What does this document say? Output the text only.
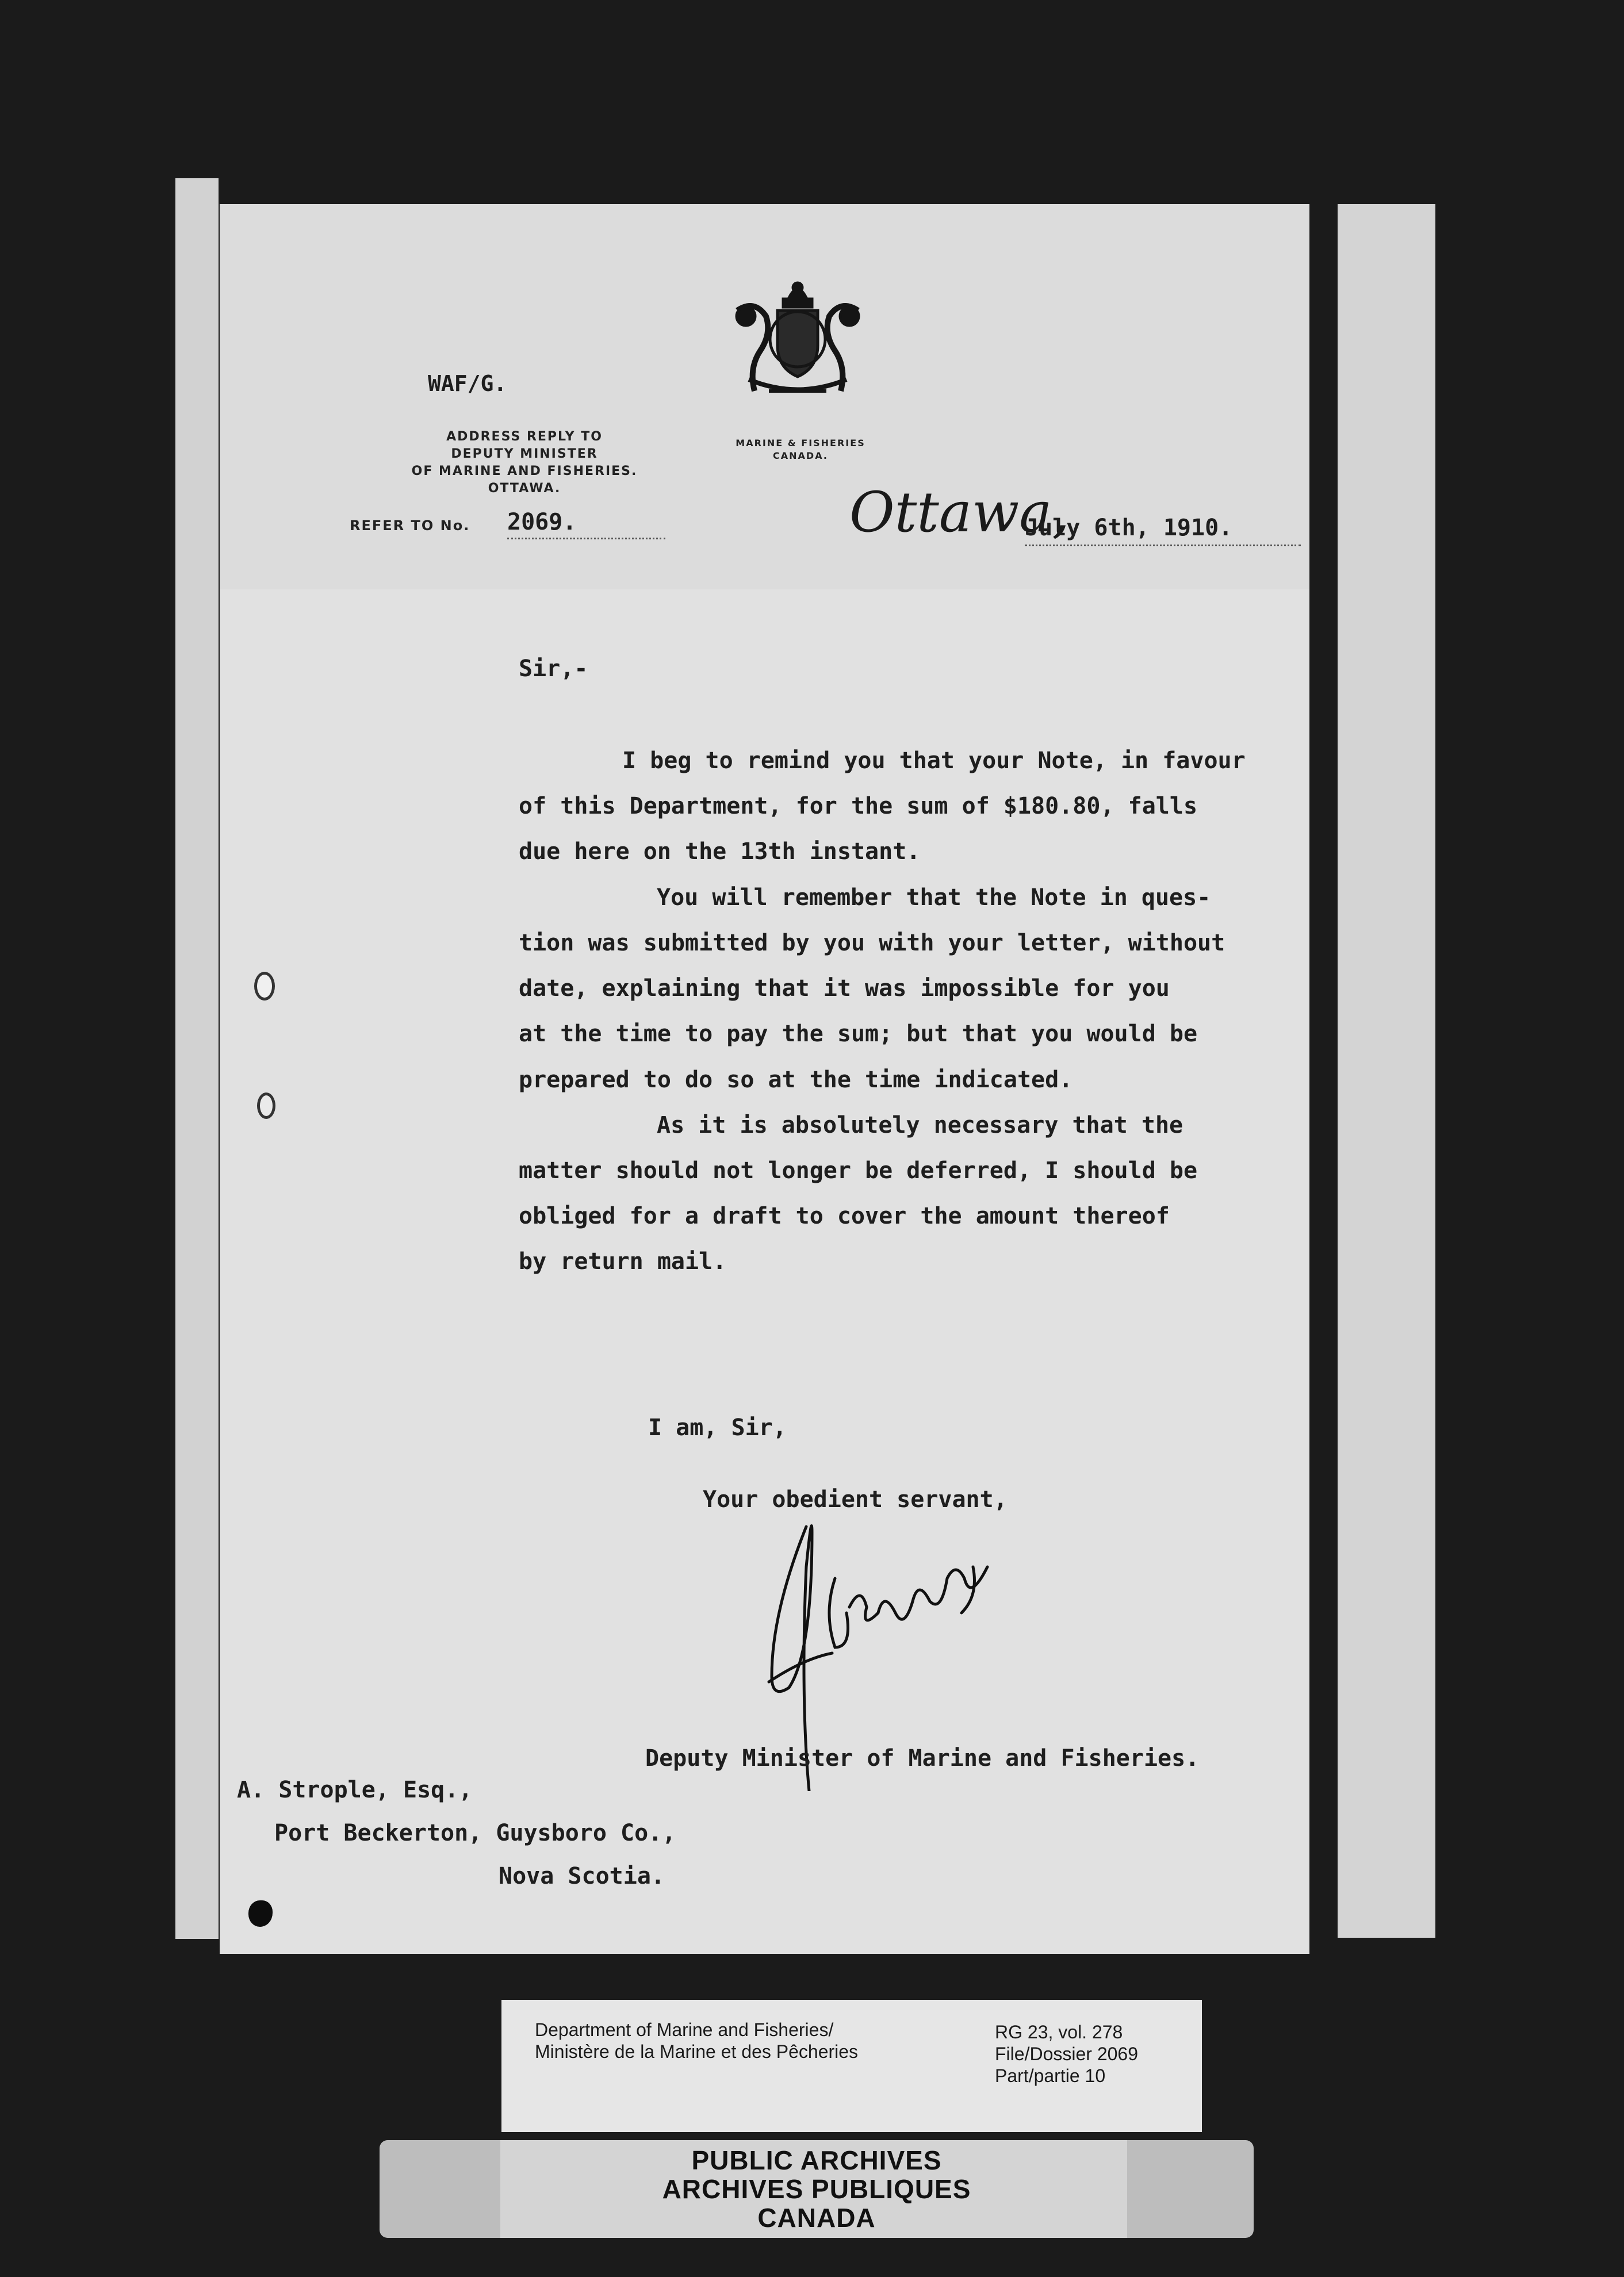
WAF/G.
ADDRESS REPLY TO
DEPUTY MINISTER
OF MARINE AND FISHERIES.
OTTAWA.
REFER TO No. 2069.
MARINE & FISHERIES
CANADA.
Ottawa,
July 6th, 1910.
Sir,-
I beg to remind you that your Note, in favour
of this Department, for the sum of $180.80, falls
due here on the 13th instant.
You will remember that the Note in ques-
tion was submitted by you with your letter, without
date, explaining that it was impossible for you
at the time to pay the sum; but that you would be
prepared to do so at the time indicated.
As it is absolutely necessary that the
matter should not longer be deferred, I should be
obliged for a draft to cover the amount thereof
by return mail.
I am, Sir,
Your obedient servant,
Deputy Minister of Marine and Fisheries.
A. Strople, Esq.,
Port Beckerton, Guysboro Co.,
Nova Scotia.
Department of Marine and Fisheries/
Ministère de la Marine et des Pêcheries
RG 23, vol. 278
File/Dossier 2069
Part/partie 10
PUBLIC ARCHIVES
ARCHIVES PUBLIQUES
CANADA
